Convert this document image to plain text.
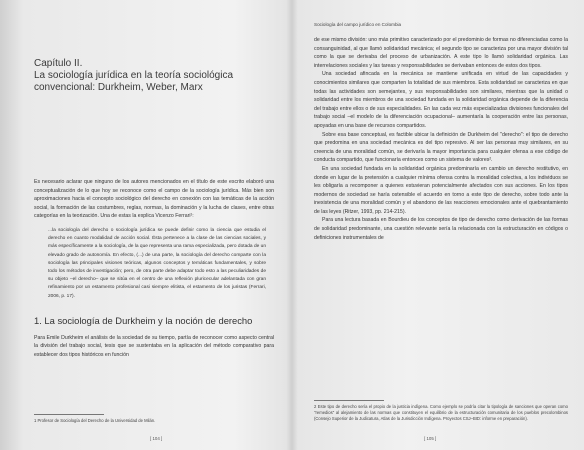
Capítulo II.
La sociología jurídica en la teoría sociológica convencional: Durkheim, Weber, Marx

Es necesario aclarar que ninguno de los autores mencionados en el título de este escrito elaboró una conceptualización de lo que hoy se reconoce como el campo de la sociología jurídica. Más bien son aproximaciones hacia el concepto sociológico del derecho en conexión con las temáticas de la acción social, la formación de las costumbres, reglas, normas, la dominación y la lucha de clases, entre otras categorías en la teorización. Una de estas la explica Vicenzo Ferrari¹:

...la sociología del derecho o sociología jurídica se puede definir como la ciencia que estudia el derecho en cuanto modalidad de acción social. Ésta pertenece a la clase de las ciencias sociales, y más específicamente a la sociología, de la que representa una rama especializada, pero dotada de un elevado grado de autonomía. En efecto, (...) de una parte, la sociología del derecho comparte con la sociología las principales visiones teóricas, algunos conceptos y temáticas fundamentales, y sobre todo los métodos de investigación; pero, de otra parte debe adaptar todo esto a las peculiaridades de su objeto –el derecho– que se sitúa en el centro de una reflexión pluricecular adelantada con gran refinamiento por un estamento profesional casi siempre elitista, el estamento de los juristas (Ferrari, 2006, p. 17).

1. La sociología de Durkheim y la noción de derecho

Para Emile Durkheim el análisis de la sociedad de su tiempo, partía de reconocer como aspecto central la división del trabajo social, tesis que se sustentaba en la aplicación del método comparativo para establecer dos tipos históricos en función

1 Profesor de Sociología del Derecho de la Universidad de Milán.

[ 104 ]
Sociología del campo jurídico en Colombia

de ese mismo división: uno más primitivo caracterizado por el predominio de formas no diferenciadas como la consanguinidad, al que llamó solidaridad mecánica; el segundo tipo se caracteriza por una mayor división tal como la que se derivaba del proceso de urbanización. A este tipo lo llamó solidaridad orgánica. Las interrelaciones sociales y las tareas y responsabilidades se derivaban entonces de estos dos tipos.

Una sociedad afincada en la mecánica se mantiene unificada en virtud de las capacidades y conocimientos similares que comparten la totalidad de sus miembros. Esta solidaridad se caracteriza en que todas las actividades son semejantes, y sus responsabilidades son similares, mientras que la unidad o solidaridad entre los miembros de una sociedad fundada en la solidaridad orgánica depende de la diferencia del trabajo entre ellos o de sus especialidades. En las cada vez más especializadas divisiones funcionales del trabajo social –el modelo de la diferenciación ocupacional– aumentaría la cooperación entre las personas, apoyadas en una base de recursos compartidos.

Sobre esa base conceptual, es factible ubicar la definición de Durkheim del "derecho": el tipo de derecho que predomina en una sociedad mecánica es del tipo represivo. Al ser las personas muy similares, en su creencia de una moralidad común, se derivaría la mayor importancia para cualquier ofensa a ese código de conducta compartido, que funcionaría entonces como un sistema de valores².

En una sociedad fundada en la solidaridad orgánica predominaría en cambio un derecho restitutivo, en donde en lugar de la pretensión a cualquier mínima ofensa contra la moralidad colectiva, a los individuos se les obligaría a recomponer a quienes estuvieran potencialmente afectados con sus acciones. En los tipos modernos de sociedad se haría ostensible el acuerdo en torno a este tipo de derecho, sobre todo ante la inexistencia de una moralidad común y el abandono de las reacciones emocionales ante el quebrantamiento de las leyes (Ritzer, 1993, pp. 214-215).

Para una lectura basada en Bourdieu de los conceptos de tipo de derecho como derivación de las formas de solidaridad predominante, una cuestión relevante sería la relacionada con la estructuración en códigos o definiciones instrumentales de

2 Este tipo de derecho sería el propio de la justicia indígena. Como ejemplo se podría citar la tipología de sanciones que operan como "remedios" al alejamiento de las normas que constituyen el equilibrio de la estructuración comunitaria de los pueblos precolombinos (Consejo Superior de la Judicatura, Atlas de la Jurisdicción Indígena. Proyectos CSJ–BID: informe en preparación).

[ 105 ]
